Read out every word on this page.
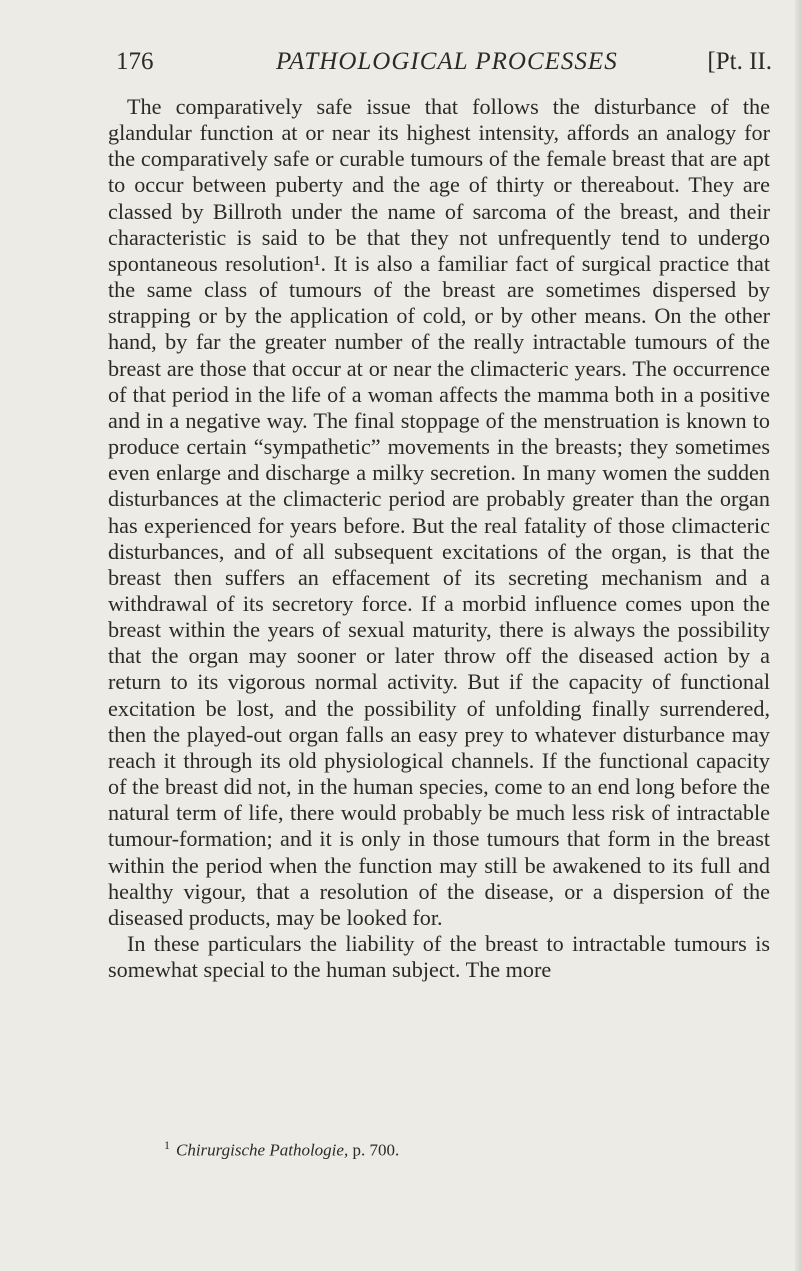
176	PATHOLOGICAL PROCESSES	[Pt. II.

The comparatively safe issue that follows the disturbance of the glandular function at or near its highest intensity, affords an analogy for the comparatively safe or curable tumours of the female breast that are apt to occur between puberty and the age of thirty or thereabout. They are classed by Billroth under the name of sarcoma of the breast, and their characteristic is said to be that they not unfrequently tend to undergo spontaneous resolution¹. It is also a familiar fact of surgical practice that the same class of tumours of the breast are sometimes dispersed by strapping or by the application of cold, or by other means. On the other hand, by far the greater number of the really intractable tumours of the breast are those that occur at or near the climacteric years. The occurrence of that period in the life of a woman affects the mamma both in a positive and in a negative way. The final stoppage of the menstruation is known to produce certain “sympathetic” movements in the breasts; they sometimes even enlarge and discharge a milky secretion. In many women the sudden disturbances at the climacteric period are probably greater than the organ has experienced for years before. But the real fatality of those climacteric disturbances, and of all subsequent excitations of the organ, is that the breast then suffers an effacement of its secreting mechanism and a withdrawal of its secretory force. If a morbid influence comes upon the breast within the years of sexual maturity, there is always the possibility that the organ may sooner or later throw off the diseased action by a return to its vigorous normal activity. But if the capacity of functional excitation be lost, and the possibility of unfolding finally surrendered, then the played-out organ falls an easy prey to whatever disturbance may reach it through its old physiological channels. If the functional capacity of the breast did not, in the human species, come to an end long before the natural term of life, there would probably be much less risk of intractable tumour-formation; and it is only in those tumours that form in the breast within the period when the function may still be awakened to its full and healthy vigour, that a resolution of the disease, or a dispersion of the diseased products, may be looked for.

In these particulars the liability of the breast to intractable tumours is somewhat special to the human subject. The more

$^1$ Chirurgische Pathologie, p. 700.
